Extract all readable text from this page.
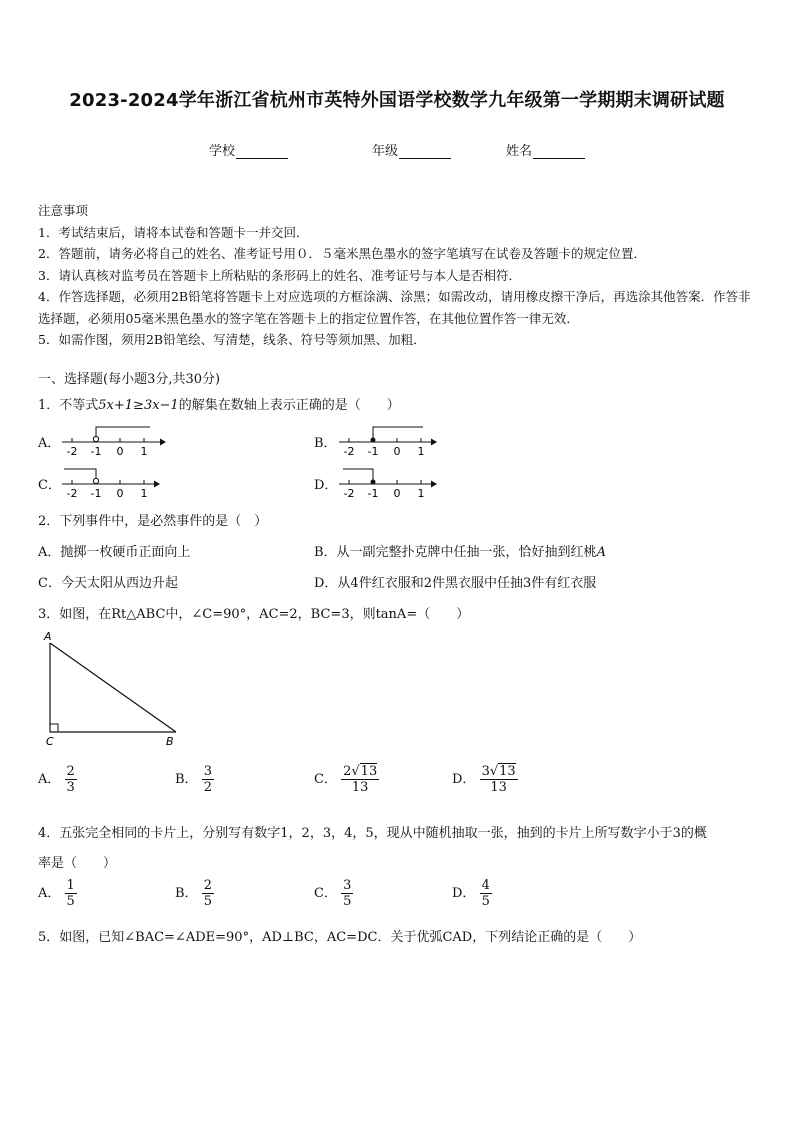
2023-2024学年浙江省杭州市英特外国语学校数学九年级第一学期期末调研试题
学校	年级	姓名

注意事项

1．考试结束后，请将本试卷和答题卡一并交回．

2．答题前，请务必将自己的姓名、准考证号用０．５毫米黑色墨水的签字笔填写在试卷及答题卡的规定位置．

3．请认真核对监考员在答题卡上所粘贴的条形码上的姓名、准考证号与本人是否相符．

4．作答选择题，必须用2B铅笔将答题卡上对应选项的方框涂满、涂黑；如需改动，请用橡皮擦干净后，再选涂其他答案．作答非选择题，必须用05毫米黑色墨水的签字笔在答题卡上的指定位置作答，在其他位置作答一律无效．

5．如需作图，须用2B铅笔绘、写清楚，线条、符号等须加黑、加粗．

一、选择题(每小题3分,共30分)
1．不等式5x+1≥3x−1的解集在数轴上表示正确的是（　　）
A．	B．
C．	D．
-2 -1 0 1	-2 -1 0 1
-2 -1 0 1	-2 -1 0 1
2．下列事件中，是必然事件的是（　）
A．抛掷一枚硬币正面向上	B．从一副完整扑克牌中任抽一张，恰好抽到红桃A
C．今天太阳从西边升起	D．从4件红衣服和2件黑衣服中任抽3件有红衣服
3．如图，在Rt△ABC中，∠C=90°，AC=2，BC=3，则tanA=（　　）
A
C	B
A． $\frac{2}{3}$	B． $\frac{3}{2}$	C． $\frac{2√13}{13}$	D． $\frac{3√13}{13}$
4．五张完全相同的卡片上，分别写有数字1，2，3，4，5，现从中随机抽取一张，抽到的卡片上所写数字小于3的概
率是（　　）
A． $\frac{1}{5}$	B． $\frac{2}{5}$	C． $\frac{3}{5}$	D． $\frac{4}{5}$
5．如图，已知∠BAC=∠ADE=90°，AD⊥BC，AC=DC．关于优弧CAD，下列结论正确的是（　　）
